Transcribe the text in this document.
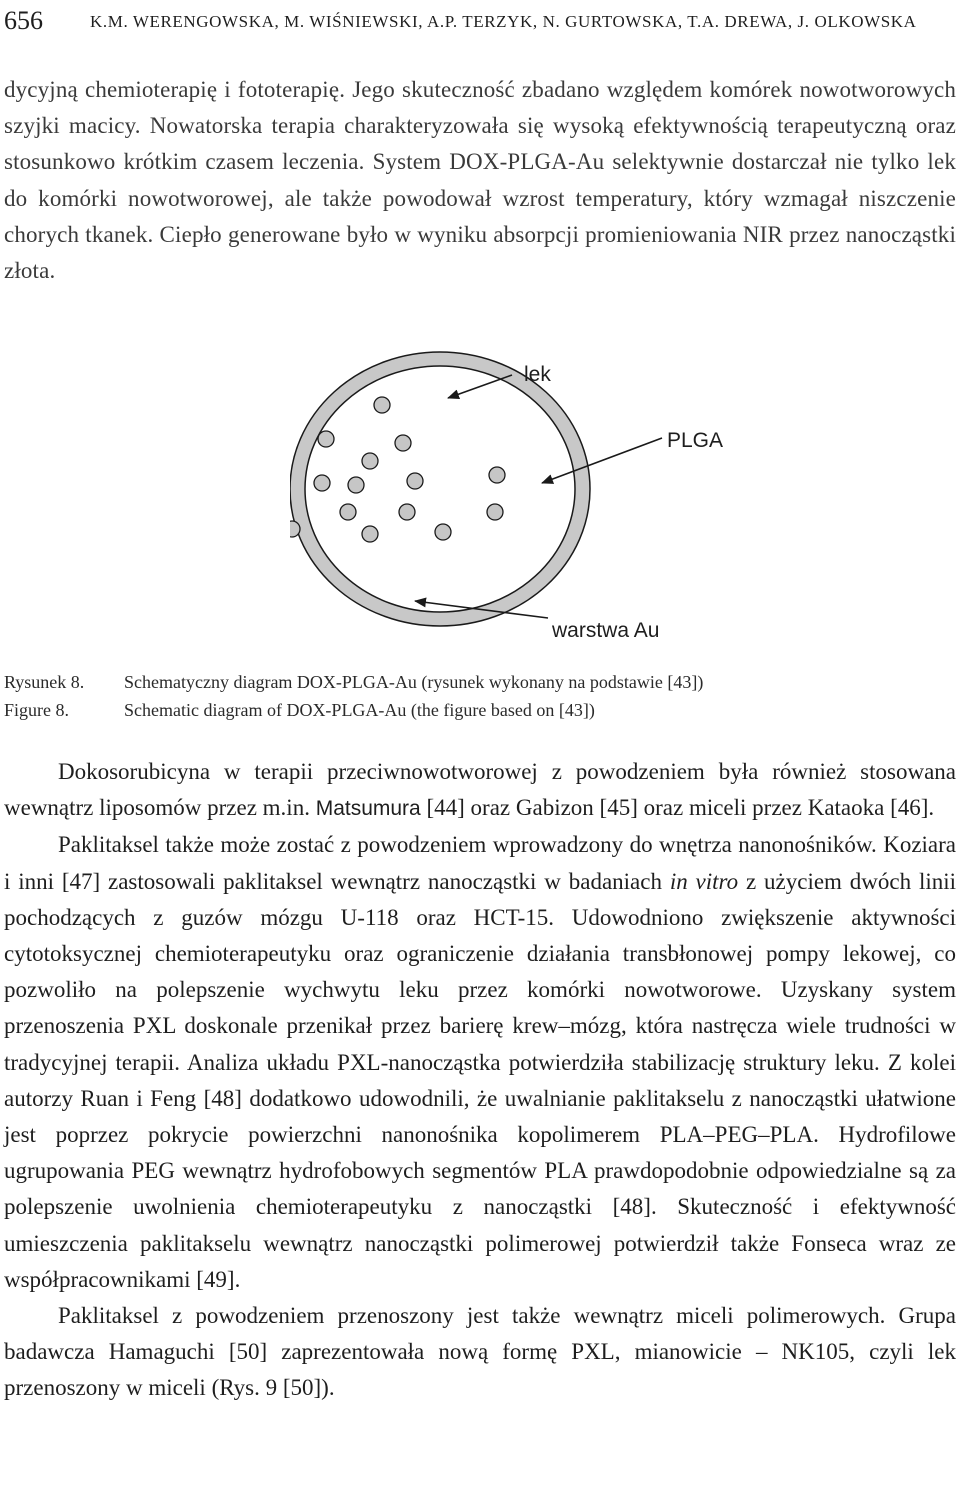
656	K.M. WERENGOWSKA, M. WIŚNIEWSKI, A.P. TERZYK, N. GURTOWSKA, T.A. DREWA, J. OLKOWSKA

dycyjną chemioterapię i fototerapię. Jego skuteczność zbadano względem komórek nowotworowych szyjki macicy. Nowatorska terapia charakteryzowała się wysoką efektywnością terapeutyczną oraz stosunkowo krótkim czasem leczenia. System DOX-PLGA-Au selektywnie dostarczał nie tylko lek do komórki nowotworowej, ale także powodował wzrost temperatury, który wzmagał niszczenie chorych tkanek. Ciepło generowane było w wyniku absorpcji promieniowania NIR przez nanocząstki złota.

lek
PLGA
warstwa Au
Rysunek 8.	Schematyczny diagram DOX-PLGA-Au (rysunek wykonany na podstawie [43])
Figure 8.	Schematic diagram of DOX-PLGA-Au (the figure based on [43])

Dokosorubicyna w terapii przeciwnowotworowej z powodzeniem była również stosowana wewnątrz liposomów przez m.in. Matsumura [44] oraz Gabizon [45] oraz miceli przez Kataoka [46].

Paklitaksel także może zostać z powodzeniem wprowadzony do wnętrza nanonośników. Koziara i inni [47] zastosowali paklitaksel wewnątrz nanocząstki w badaniach in vitro z użyciem dwóch linii pochodzących z guzów mózgu U-118 oraz HCT-15. Udowodniono zwiększenie aktywności cytotoksycznej chemioterapeutyku oraz ograniczenie działania transbłonowej pompy lekowej, co pozwoliło na polepszenie wychwytu leku przez komórki nowotworowe. Uzyskany system przenoszenia PXL doskonale przenikał przez barierę krew–mózg, która nastręcza wiele trudności w tradycyjnej terapii. Analiza układu PXL-nanocząstka potwierdziła stabilizację struktury leku. Z kolei autorzy Ruan i Feng [48] dodatkowo udowodnili, że uwalnianie paklitakselu z nanocząstki ułatwione jest poprzez pokrycie powierzchni nanonośnika kopolimerem PLA–PEG–PLA. Hydrofilowe ugrupowania PEG wewnątrz hydrofobowych segmentów PLA prawdopodobnie odpowiedzialne są za polepszenie uwolnienia chemioterapeutyku z nanocząstki [48]. Skuteczność i efektywność umieszczenia paklitakselu wewnątrz nanocząstki polimerowej potwierdził także Fonseca wraz ze współpracownikami [49].

Paklitaksel z powodzeniem przenoszony jest także wewnątrz miceli polimerowych. Grupa badawcza Hamaguchi [50] zaprezentowała nową formę PXL, mianowicie – NK105, czyli lek przenoszony w miceli (Rys. 9 [50]).
